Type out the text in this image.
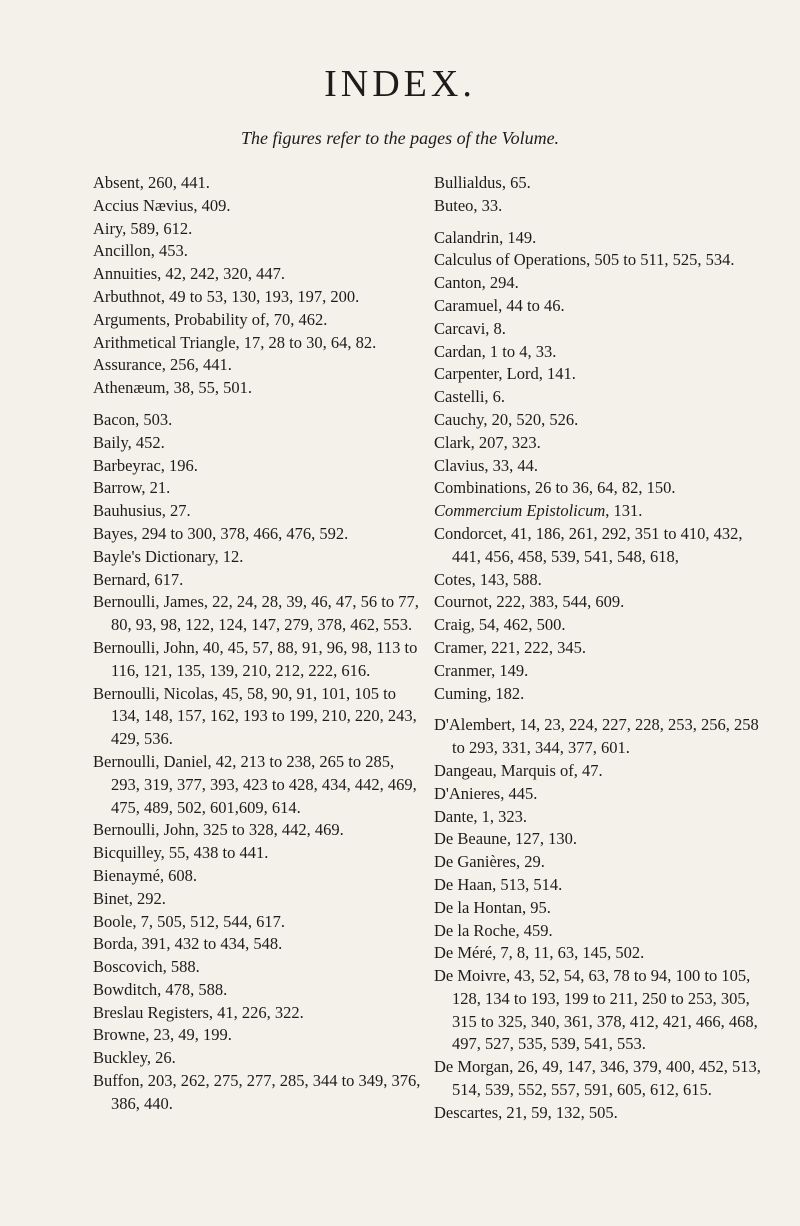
INDEX.
The figures refer to the pages of the Volume.
Absent, 260, 441.
Accius Nævius, 409.
Airy, 589, 612.
Ancillon, 453.
Annuities, 42, 242, 320, 447.
Arbuthnot, 49 to 53, 130, 193, 197, 200.
Arguments, Probability of, 70, 462.
Arithmetical Triangle, 17, 28 to 30, 64, 82.
Assurance, 256, 441.
Athenæum, 38, 55, 501.
Bacon, 503.
Baily, 452.
Barbeyrac, 196.
Barrow, 21.
Bauhusius, 27.
Bayes, 294 to 300, 378, 466, 476, 592.
Bayle's Dictionary, 12.
Bernard, 617.
Bernoulli, James, 22, 24, 28, 39, 46, 47, 56 to 77, 80, 93, 98, 122, 124, 147, 279, 378, 462, 553.
Bernoulli, John, 40, 45, 57, 88, 91, 96, 98, 113 to 116, 121, 135, 139, 210, 212, 222, 616.
Bernoulli, Nicolas, 45, 58, 90, 91, 101, 105 to 134, 148, 157, 162, 193 to 199, 210, 220, 243, 429, 536.
Bernoulli, Daniel, 42, 213 to 238, 265 to 285, 293, 319, 377, 393, 423 to 428, 434, 442, 469, 475, 489, 502, 601,609, 614.
Bernoulli, John, 325 to 328, 442, 469.
Bicquilley, 55, 438 to 441.
Bienaymé, 608.
Binet, 292.
Boole, 7, 505, 512, 544, 617.
Borda, 391, 432 to 434, 548.
Boscovich, 588.
Bowditch, 478, 588.
Breslau Registers, 41, 226, 322.
Browne, 23, 49, 199.
Buckley, 26.
Buffon, 203, 262, 275, 277, 285, 344 to 349, 376, 386, 440.
Bullialdus, 65.
Buteo, 33.
Calandrin, 149.
Calculus of Operations, 505 to 511, 525, 534.
Canton, 294.
Caramuel, 44 to 46.
Carcavi, 8.
Cardan, 1 to 4, 33.
Carpenter, Lord, 141.
Castelli, 6.
Cauchy, 20, 520, 526.
Clark, 207, 323.
Clavius, 33, 44.
Combinations, 26 to 36, 64, 82, 150.
Commercium Epistolicum, 131.
Condorcet, 41, 186, 261, 292, 351 to 410, 432, 441, 456, 458, 539, 541, 548, 618,
Cotes, 143, 588.
Cournot, 222, 383, 544, 609.
Craig, 54, 462, 500.
Cramer, 221, 222, 345.
Cranmer, 149.
Cuming, 182.
D'Alembert, 14, 23, 224, 227, 228, 253, 256, 258 to 293, 331, 344, 377, 601.
Dangeau, Marquis of, 47.
D'Anieres, 445.
Dante, 1, 323.
De Beaune, 127, 130.
De Ganières, 29.
De Haan, 513, 514.
De la Hontan, 95.
De la Roche, 459.
De Méré, 7, 8, 11, 63, 145, 502.
De Moivre, 43, 52, 54, 63, 78 to 94, 100 to 105, 128, 134 to 193, 199 to 211, 250 to 253, 305, 315 to 325, 340, 361, 378, 412, 421, 466, 468, 497, 527, 535, 539, 541, 553.
De Morgan, 26, 49, 147, 346, 379, 400, 452, 513, 514, 539, 552, 557, 591, 605, 612, 615.
Descartes, 21, 59, 132, 505.
